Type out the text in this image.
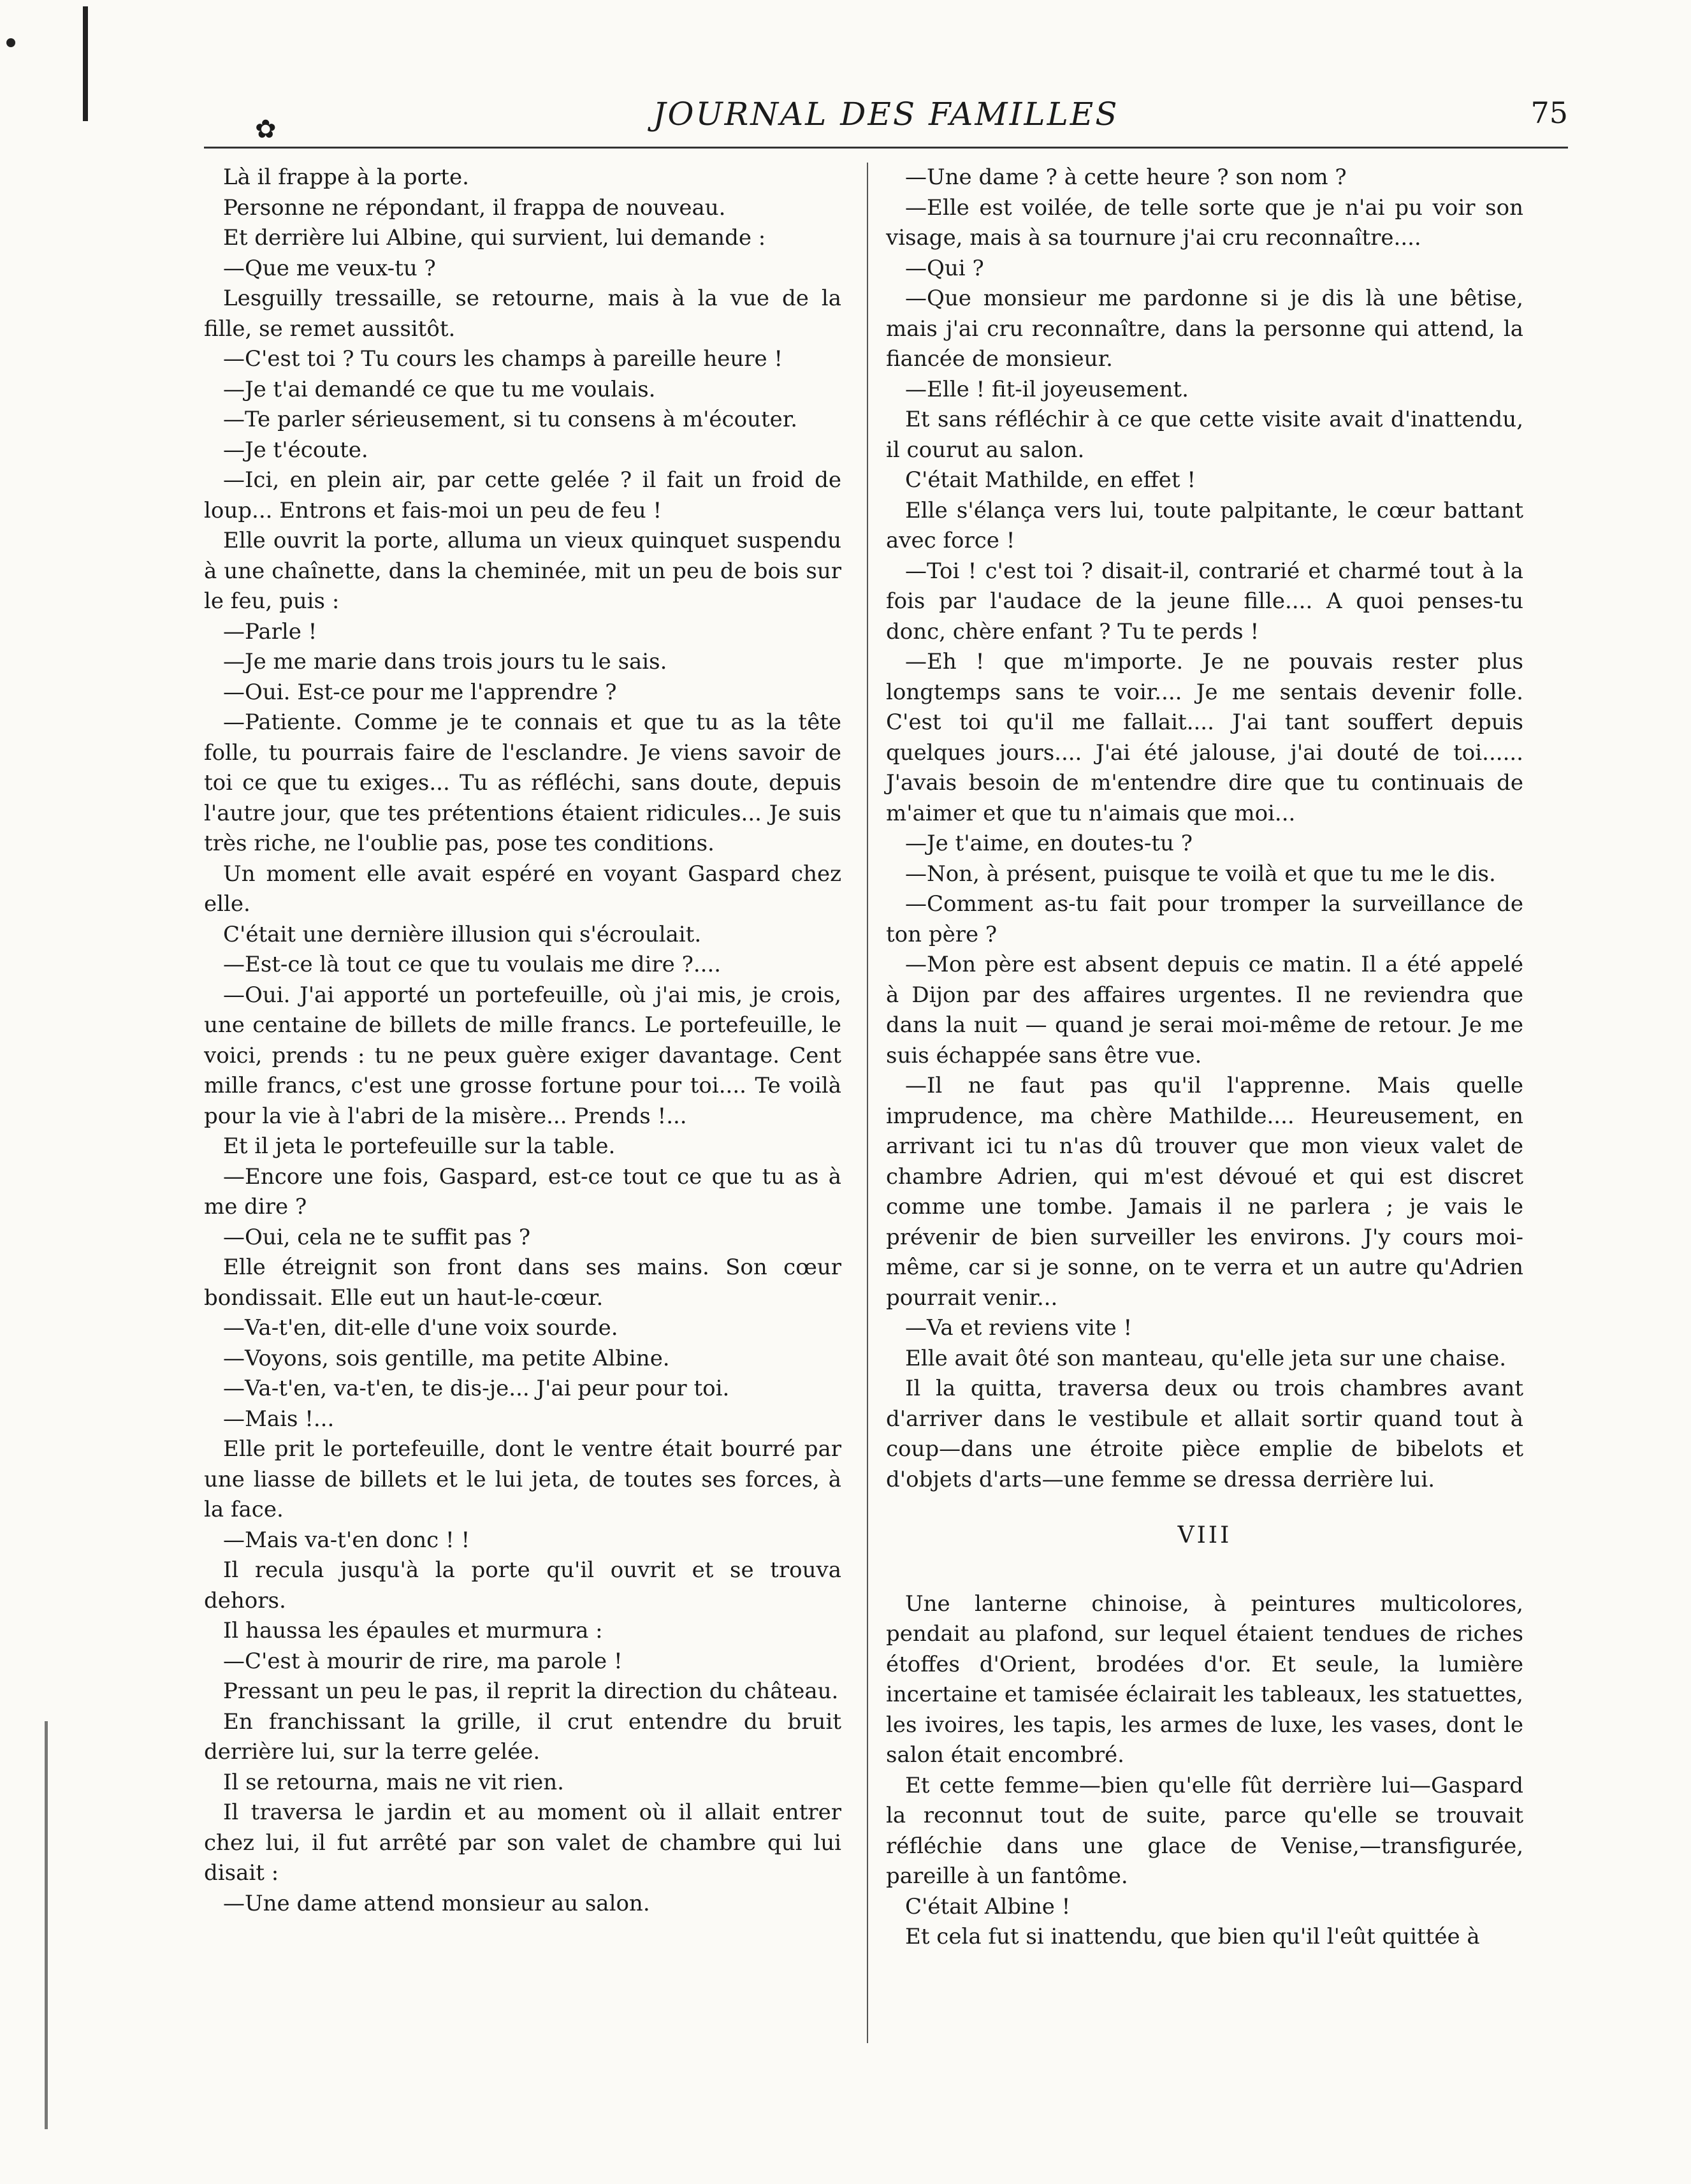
✿	JOURNAL DES FAMILLES	75

Là il frappe à la porte.

Personne ne répondant, il frappa de nouveau.

Et derrière lui Albine, qui survient, lui demande :

—Que me veux-tu ?

Lesguilly tressaille, se retourne, mais à la vue de la fille, se remet aussitôt.

—C'est toi ? Tu cours les champs à pareille heure !

—Je t'ai demandé ce que tu me voulais.

—Te parler sérieusement, si tu consens à m'écouter.

—Je t'écoute.

—Ici, en plein air, par cette gelée ? il fait un froid de loup... Entrons et fais-moi un peu de feu !

Elle ouvrit la porte, alluma un vieux quinquet suspendu à une chaînette, dans la cheminée, mit un peu de bois sur le feu, puis :

—Parle !

—Je me marie dans trois jours tu le sais.

—Oui. Est-ce pour me l'apprendre ?

—Patiente. Comme je te connais et que tu as la tête folle, tu pourrais faire de l'esclandre. Je viens savoir de toi ce que tu exiges... Tu as réfléchi, sans doute, depuis l'autre jour, que tes prétentions étaient ridicules... Je suis très riche, ne l'oublie pas, pose tes conditions.

Un moment elle avait espéré en voyant Gaspard chez elle.

C'était une dernière illusion qui s'écroulait.

—Est-ce là tout ce que tu voulais me dire ?....

—Oui. J'ai apporté un portefeuille, où j'ai mis, je crois, une centaine de billets de mille francs. Le portefeuille, le voici, prends : tu ne peux guère exiger davantage. Cent mille francs, c'est une grosse fortune pour toi.... Te voilà pour la vie à l'abri de la misère... Prends !...

Et il jeta le portefeuille sur la table.

—Encore une fois, Gaspard, est-ce tout ce que tu as à me dire ?

—Oui, cela ne te suffit pas ?

Elle étreignit son front dans ses mains. Son cœur bondissait. Elle eut un haut-le-cœur.

—Va-t'en, dit-elle d'une voix sourde.

—Voyons, sois gentille, ma petite Albine.

—Va-t'en, va-t'en, te dis-je... J'ai peur pour toi.

—Mais !...

Elle prit le portefeuille, dont le ventre était bourré par une liasse de billets et le lui jeta, de toutes ses forces, à la face.

—Mais va-t'en donc ! !

Il recula jusqu'à la porte qu'il ouvrit et se trouva dehors.

Il haussa les épaules et murmura :

—C'est à mourir de rire, ma parole !

Pressant un peu le pas, il reprit la direction du château.

En franchissant la grille, il crut entendre du bruit derrière lui, sur la terre gelée.

Il se retourna, mais ne vit rien.

Il traversa le jardin et au moment où il allait entrer chez lui, il fut arrêté par son valet de chambre qui lui disait :

—Une dame attend monsieur au salon.

—Une dame ? à cette heure ? son nom ?

—Elle est voilée, de telle sorte que je n'ai pu voir son visage, mais à sa tournure j'ai cru reconnaître....

—Qui ?

—Que monsieur me pardonne si je dis là une bêtise, mais j'ai cru reconnaître, dans la personne qui attend, la fiancée de monsieur.

—Elle ! fit-il joyeusement.

Et sans réfléchir à ce que cette visite avait d'inattendu, il courut au salon.

C'était Mathilde, en effet !

Elle s'élança vers lui, toute palpitante, le cœur battant avec force !

—Toi ! c'est toi ? disait-il, contrarié et charmé tout à la fois par l'audace de la jeune fille.... A quoi penses-tu donc, chère enfant ? Tu te perds !

—Eh ! que m'importe. Je ne pouvais rester plus longtemps sans te voir.... Je me sentais devenir folle. C'est toi qu'il me fallait.... J'ai tant souffert depuis quelques jours.... J'ai été jalouse, j'ai douté de toi...... J'avais besoin de m'entendre dire que tu continuais de m'aimer et que tu n'aimais que moi...

—Je t'aime, en doutes-tu ?

—Non, à présent, puisque te voilà et que tu me le dis.

—Comment as-tu fait pour tromper la surveillance de ton père ?

—Mon père est absent depuis ce matin. Il a été appelé à Dijon par des affaires urgentes. Il ne reviendra que dans la nuit — quand je serai moi-même de retour. Je me suis échappée sans être vue.

—Il ne faut pas qu'il l'apprenne. Mais quelle imprudence, ma chère Mathilde.... Heureusement, en arrivant ici tu n'as dû trouver que mon vieux valet de chambre Adrien, qui m'est dévoué et qui est discret comme une tombe. Jamais il ne parlera ; je vais le prévenir de bien surveiller les environs. J'y cours moi-même, car si je sonne, on te verra et un autre qu'Adrien pourrait venir...

—Va et reviens vite !

Elle avait ôté son manteau, qu'elle jeta sur une chaise.

Il la quitta, traversa deux ou trois chambres avant d'arriver dans le vestibule et allait sortir quand tout à coup—dans une étroite pièce emplie de bibelots et d'objets d'arts—une femme se dressa derrière lui.

VIII

Une lanterne chinoise, à peintures multicolores, pendait au plafond, sur lequel étaient tendues de riches étoffes d'Orient, brodées d'or. Et seule, la lumière incertaine et tamisée éclairait les tableaux, les statuettes, les ivoires, les tapis, les armes de luxe, les vases, dont le salon était encombré.

Et cette femme—bien qu'elle fût derrière lui—Gaspard la reconnut tout de suite, parce qu'elle se trouvait réfléchie dans une glace de Venise,—transfigurée, pareille à un fantôme.

C'était Albine !

Et cela fut si inattendu, que bien qu'il l'eût quittée à
